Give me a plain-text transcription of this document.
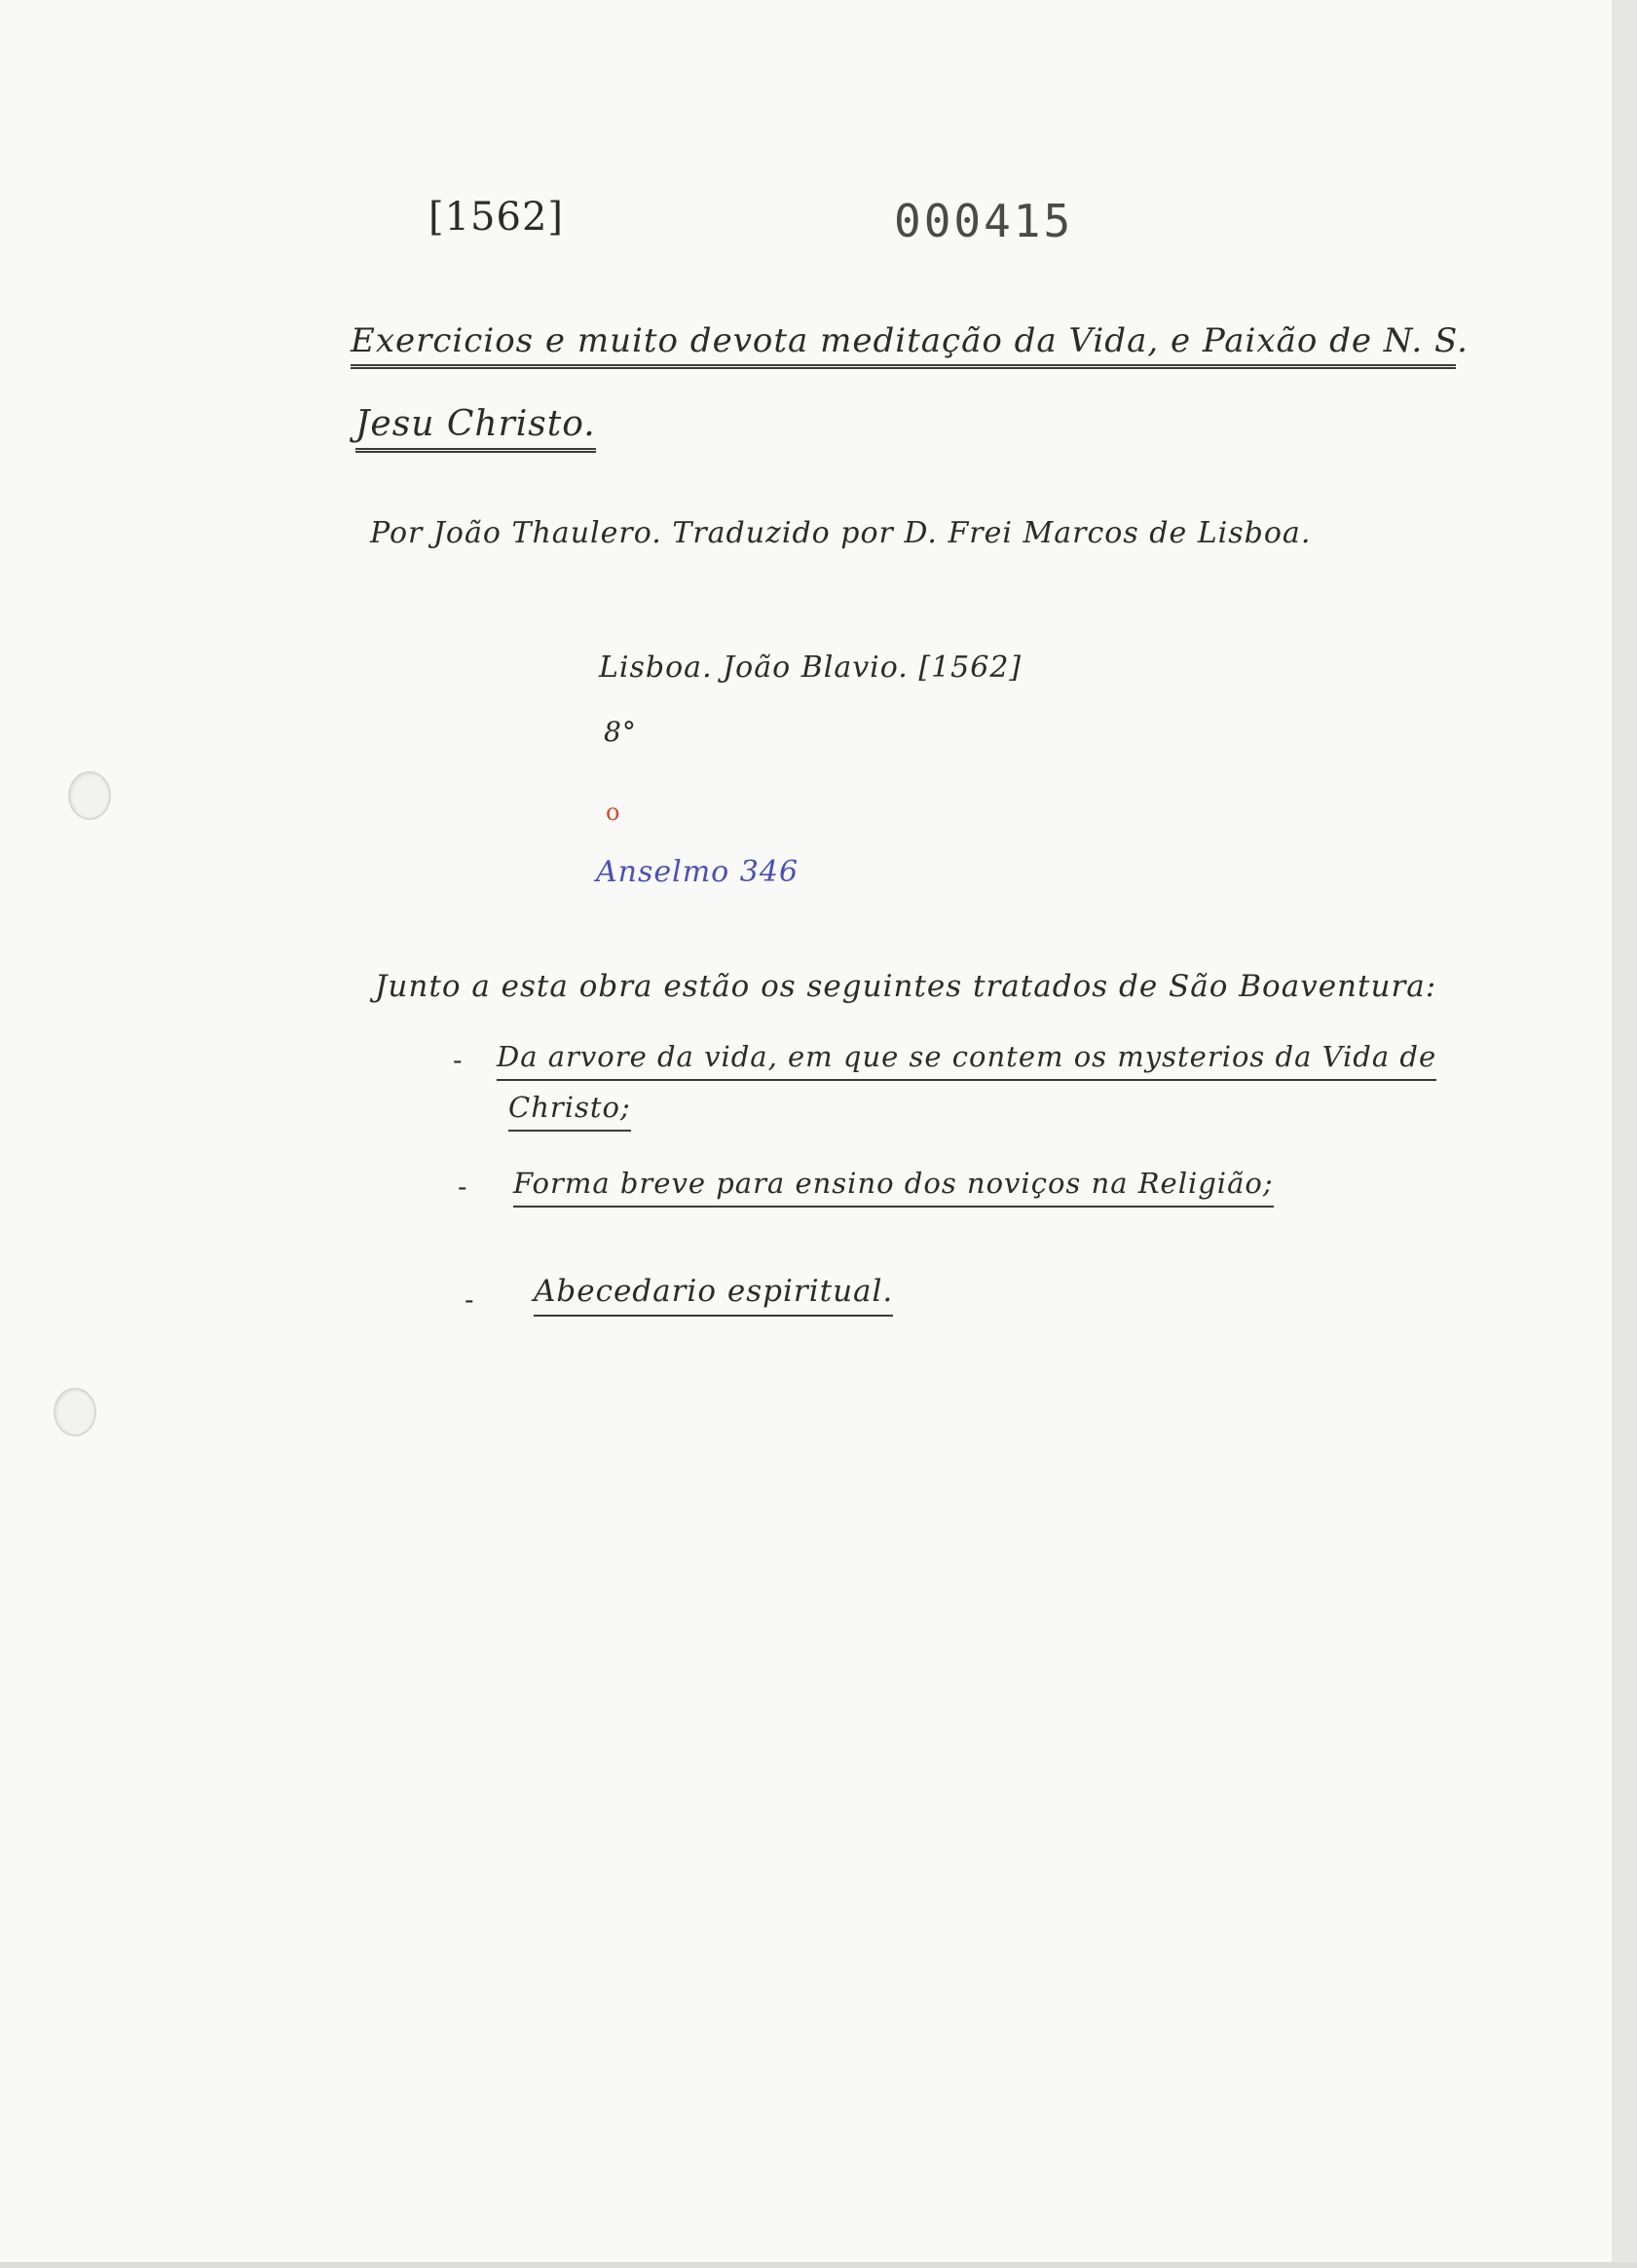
[1562]	000415
Exercicios e muito devota meditação da Vida, e Paixão de N. S.
Jesu Christo.
Por João Thaulero. Traduzido por D. Frei Marcos de Lisboa.
Lisboa. João Blavio. [1562]
8°
o
Anselmo 346
Junto a esta obra estão os seguintes tratados de São Boaventura:
- Da arvore da vida, em que se contem os mysterios da Vida de
Christo;
- Forma breve para ensino dos noviços na Religião;
- Abecedario espiritual.
